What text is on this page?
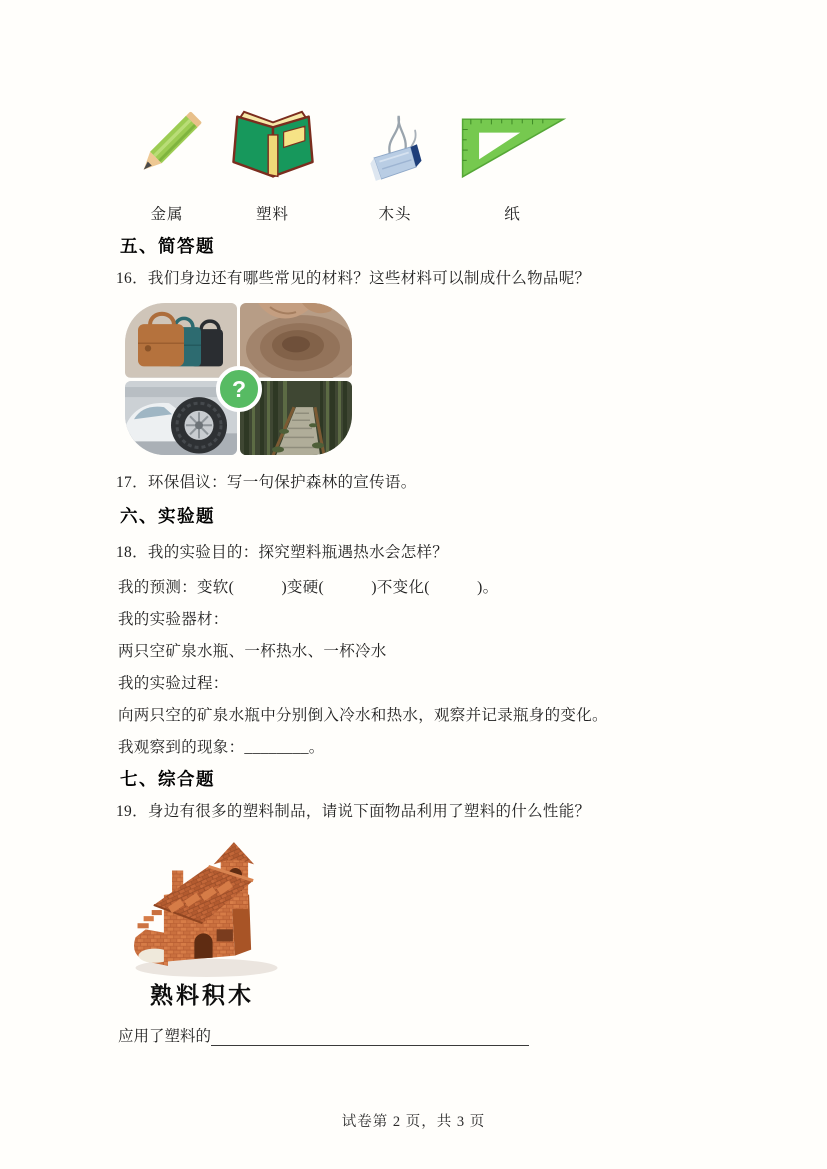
金属	塑料	木头	纸
五、简答题
16．我们身边还有哪些常见的材料？这些材料可以制成什么物品呢？
?
17．环保倡议：写一句保护森林的宣传语。
六、实验题
18．我的实验目的：探究塑料瓶遇热水会怎样？
我的预测：变软(　　　)变硬(　　　)不变化(　　　)。
我的实验器材：
两只空矿泉水瓶、一杯热水、一杯冷水
我的实验过程：
向两只空的矿泉水瓶中分别倒入冷水和热水，观察并记录瓶身的变化。
我观察到的现象：________。
七、综合题
19．身边有很多的塑料制品，请说下面物品利用了塑料的什么性能？
熟料积木
应用了塑料的
试卷第 2 页，共 3 页
